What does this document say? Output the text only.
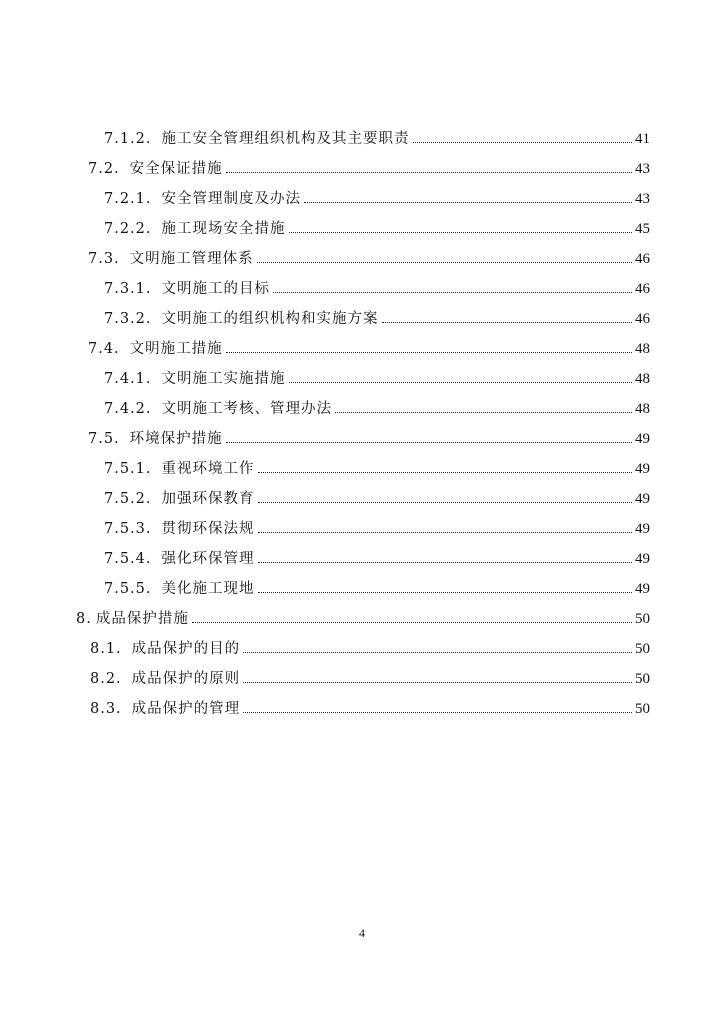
7.1.2. 施工安全管理组织机构及其主要职责	41
7.2. 安全保证措施	43
7.2.1. 安全管理制度及办法	43
7.2.2. 施工现场安全措施	45
7.3. 文明施工管理体系	46
7.3.1. 文明施工的目标	46
7.3.2. 文明施工的组织机构和实施方案	46
7.4. 文明施工措施	48
7.4.1. 文明施工实施措施	48
7.4.2. 文明施工考核、管理办法	48
7.5. 环境保护措施	49
7.5.1. 重视环境工作	49
7.5.2. 加强环保教育	49
7.5.3. 贯彻环保法规	49
7.5.4. 强化环保管理	49
7.5.5. 美化施工现地	49
8. 成品保护措施	50
8.1. 成品保护的目的	50
8.2. 成品保护的原则	50
8.3. 成品保护的管理	50
4
